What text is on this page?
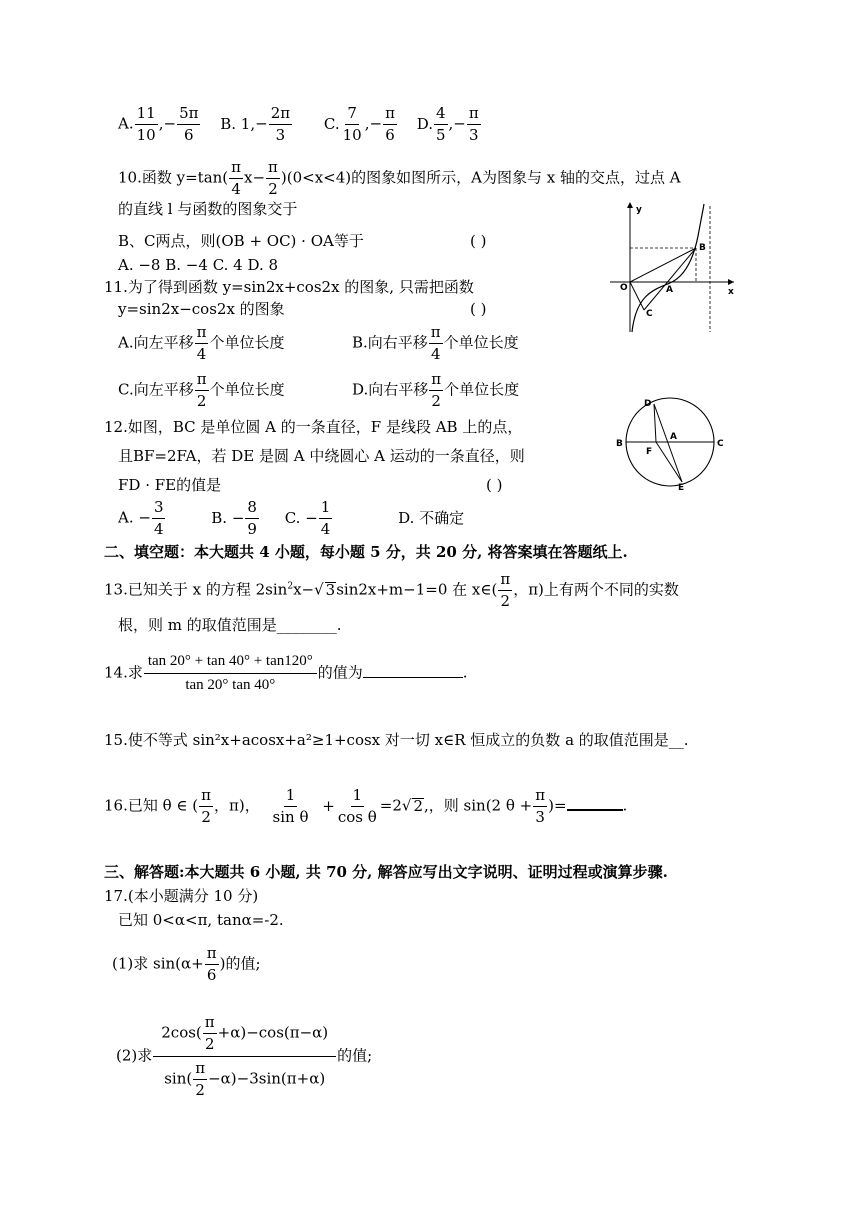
A. $\frac{11}{10}$ ,− $\frac{5\pi}{6} B$. $1,- \frac{2\pi}{3} C$. $\frac{7}{10}$ ,− $\frac{\pi}{6} D$. $\frac{4}{5}$ ,− $\frac{\pi}{3}$
10.函数 $y=\tan( \frac{\pi}{4} x- \frac{\pi}{2} )(0<x<4)$的图象如图所示，A为图象与 x 轴的交点，过点 A
的直线 l 与函数的图象交于
B、C两点，则(OB + OC) · OA等于	( )
A. −8 B. −4 C. 4 D. 8
y
x
O	A
B
C
11.为了得到函数 y=sin2x+cos2x 的图象, 只需把函数
y=sin2x−cos2x 的图象	( )
A.向左平移 $\frac{\pi}{4}$ 个单位长度	B.向右平移 $\frac{\pi}{4}$ 个单位长度
C.向左平移 $\frac{\pi}{2}$ 个单位长度	D.向右平移 $\frac{\pi}{2}$ 个单位长度
12.如图，BC 是单位圆 A 的一条直径，F 是线段 AB 上的点，
且BF=2FA，若 DE 是圆 A 中绕圆心 A 运动的一条直径，则
FD · FE的值是	( )
A. − $\frac{3}{4}$	B. − $\frac{8}{9} C$. − $\frac{1}{4}$	D. 不确定
D
B
A
C
F
E
二、填空题：本大题共 4 小题，每小题 5 分，共 20 分, 将答案填在答题纸上.
13.已知关于 x 的方程 $2\sin^2x-√$ 3sin2x+m−1=0 在 x∈( $\frac{\pi}{2}$ ，π)上有两个不同的实数
根，则 m 的取值范围是________.
14.求 $\frac{\tan 20^\circ + \tan 40^\circ + \tan 120^\circ}{\tan 20^\circ \tan 40^\circ}$ 的值为	.
15.使不等式 sin²x+acosx+a²≥1+cosx 对一切 x∈R 恒成立的负数 a 的取值范围是__.
16.已知 θ ∈ ( $\frac{\pi}{2}$ ，π)， $\frac{1}{\text{sin θ}} + \frac{1}{\text{cos θ}} =2√$ 2,，则 sin(2 $\theta + \frac{\pi}{3}$ )=	.
三、解答题:本大题共 6 小题, 共 70 分, 解答应写出文字说明、证明过程或演算步骤.
17.(本小题满分 10 分)
已知 0<α<π, tanα=-2.
(1)求 $\sin(\alpha+ \frac{\pi}{6}$ )的值;
(2)求 $\frac{2\cos( \frac{\pi}{2} +\alpha)-\cos(\pi-\alpha)}{\sin( \frac{\pi}{2} -\alpha)-3\sin(\pi+\alpha)}$ 的值;
